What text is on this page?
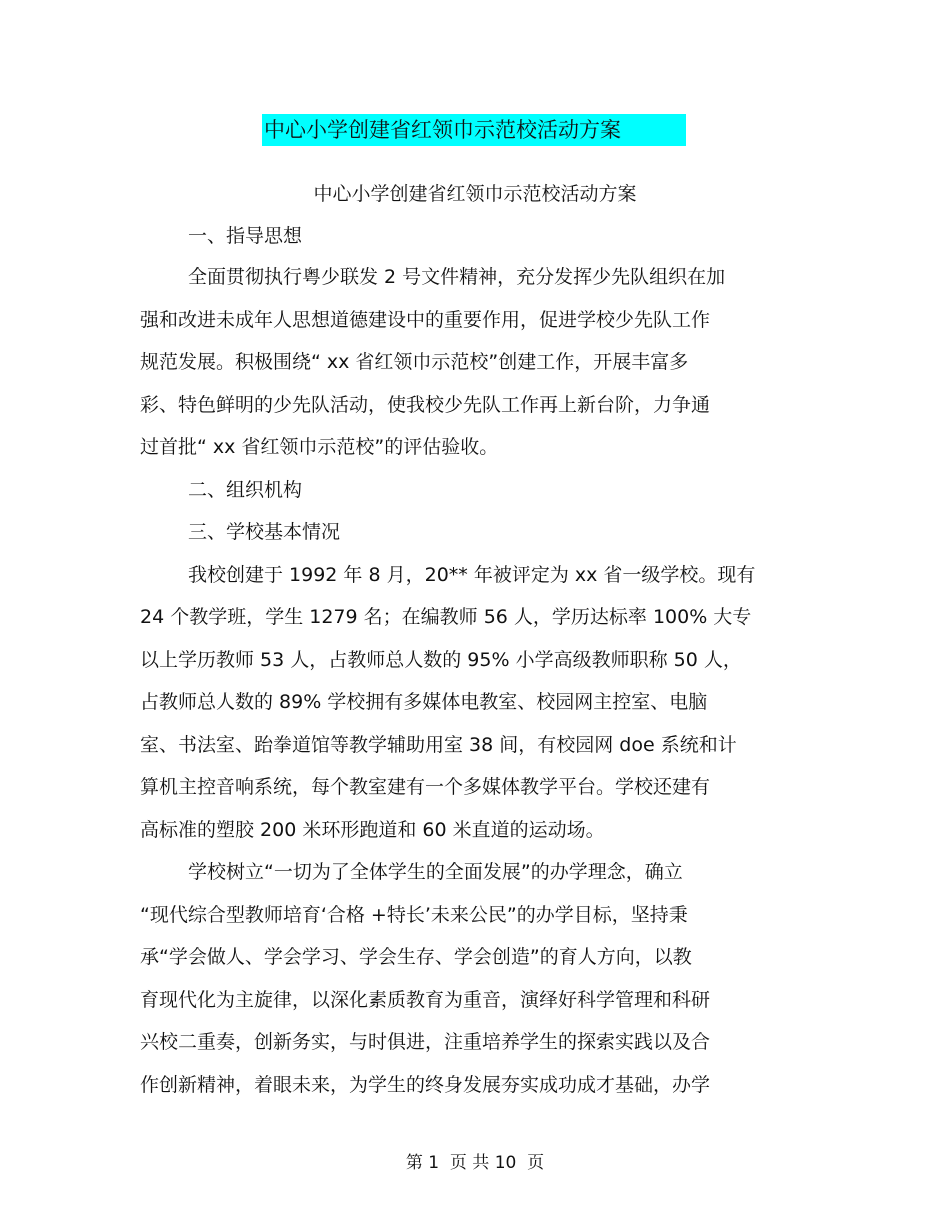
中心小学创建省红领巾示范校活动方案
中心小学创建省红领巾示范校活动方案
一、指导思想
全面贯彻执行粤少联发 2 号文件精神，充分发挥少先队组织在加
强和改进未成年人思想道德建设中的重要作用，促进学校少先队工作
规范发展。积极围绕“ xx 省红领巾示范校”创建工作，开展丰富多
彩、特色鲜明的少先队活动，使我校少先队工作再上新台阶，力争通
过首批“ xx 省红领巾示范校”的评估验收。
二、组织机构
三、学校基本情况
我校创建于 1992 年 8 月，20** 年被评定为 xx 省一级学校。现有
24 个教学班，学生 1279 名；在编教师 56 人，学历达标率 100% 大专
以上学历教师 53 人，占教师总人数的 95% 小学高级教师职称 50 人，
占教师总人数的 89% 学校拥有多媒体电教室、校园网主控室、电脑
室、书法室、跆拳道馆等教学辅助用室 38 间，有校园网 doe 系统和计
算机主控音响系统，每个教室建有一个多媒体教学平台。学校还建有
高标准的塑胶 200 米环形跑道和 60 米直道的运动场。
学校树立“一切为了全体学生的全面发展”的办学理念，确立
“现代综合型教师培育‘合格 +特长’未来公民”的办学目标，坚持秉
承“学会做人、学会学习、学会生存、学会创造”的育人方向，以教
育现代化为主旋律，以深化素质教育为重音，演绎好科学管理和科研
兴校二重奏，创新务实，与时俱进，注重培养学生的探索实践以及合
作创新精神，着眼未来，为学生的终身发展夯实成功成才基础，办学
第 1  页 共 10  页
